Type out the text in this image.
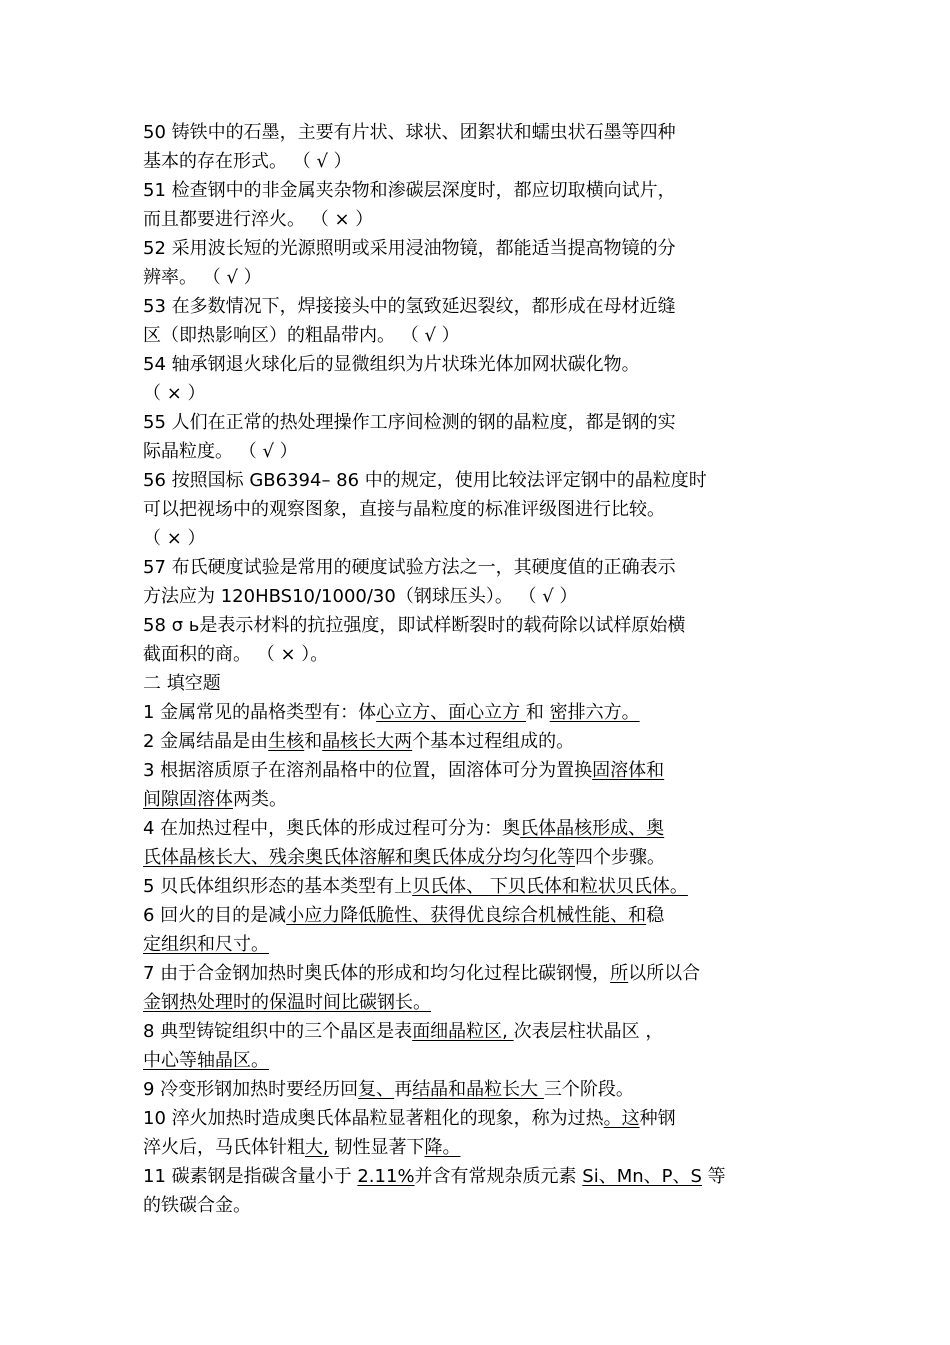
50 铸铁中的石墨，主要有片状、球状、团絮状和蠕虫状石墨等四种
基本的存在形式。 （ √ ）
51 检查钢中的非金属夹杂物和渗碳层深度时，都应切取横向试片，
而且都要进行淬火。 （ × ）
52 采用波长短的光源照明或采用浸油物镜，都能适当提高物镜的分
辨率。 （ √ ）
53 在多数情况下，焊接接头中的氢致延迟裂纹，都形成在母材近缝
区（即热影响区）的粗晶带内。 （ √ ）
54 轴承钢退火球化后的显微组织为片状珠光体加网状碳化物。
（ × ）
55 人们在正常的热处理操作工序间检测的钢的晶粒度，都是钢的实
际晶粒度。 （ √ ）
56 按照国标 GB6394– 86 中的规定，使用比较法评定钢中的晶粒度时
可以把视场中的观察图象，直接与晶粒度的标准评级图进行比较。
（ × ）
57 布氏硬度试验是常用的硬度试验方法之一，其硬度值的正确表示
方法应为 120HBS10/1000/30（钢球压头）。 （ √ ）
58 σ ь是表示材料的抗拉强度，即试样断裂时的载荷除以试样原始横
截面积的商。 （ × ）。
二 填空题
1 金属常见的晶格类型有：体心立方、面心立方 和 密排六方。
2 金属结晶是由生核和晶核长大两个基本过程组成的。
3 根据溶质原子在溶剂晶格中的位置，固溶体可分为置换固溶体和
间隙固溶体两类。
4 在加热过程中，奥氏体的形成过程可分为：奥氏体晶核形成、奥
氏体晶核长大、残余奥氏体溶解和奥氏体成分均匀化等四个步骤。
5 贝氏体组织形态的基本类型有上贝氏体、 下贝氏体和粒状贝氏体。
6 回火的目的是减小应力降低脆性、获得优良综合机械性能、和稳
定组织和尺寸。
7 由于合金钢加热时奥氏体的形成和均匀化过程比碳钢慢，所以所以合
金钢热处理时的保温时间比碳钢长。
8 典型铸锭组织中的三个晶区是表面细晶粒区, 次表层柱状晶区 ，
中心等轴晶区。
9 冷变形钢加热时要经历回复、再结晶和晶粒长大 三个阶段。
10 淬火加热时造成奥氏体晶粒显著粗化的现象，称为过热。这种钢
淬火后，马氏体针粗大, 韧性显著下降。
11 碳素钢是指碳含量小于 2.11%并含有常规杂质元素 Si、Mn、P、S 等
的铁碳合金。
